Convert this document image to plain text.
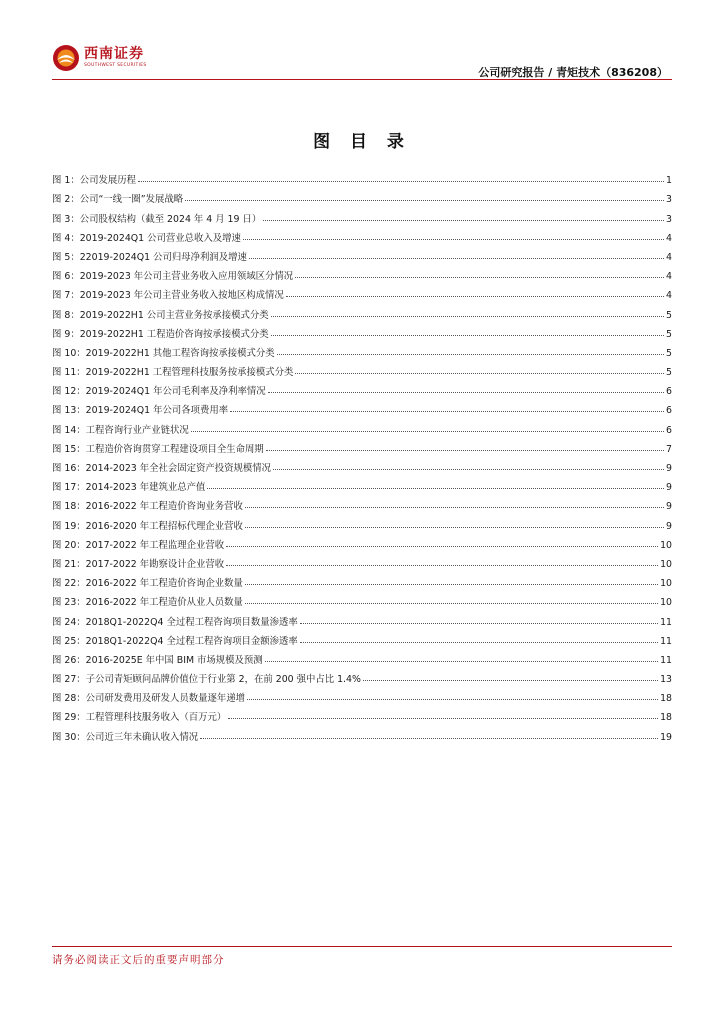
西南证券
SOUTHWEST SECURITIES
公司研究报告 / 青矩技术（836208）
图 目 录
图 1： 公司发展历程	1
图 2： 公司“一线一圈”发展战略	3
图 3： 公司股权结构（截至 2024 年 4 月 19 日）	3
图 4： 2019-2024Q1 公司营业总收入及增速	4
图 5： 22019-2024Q1 公司归母净利润及增速	4
图 6： 2019-2023 年公司主营业务收入应用领域区分情况	4
图 7： 2019-2023 年公司主营业务收入按地区构成情况	4
图 8： 2019-2022H1 公司主营业务按承接模式分类	5
图 9： 2019-2022H1 工程造价咨询按承接模式分类	5
图 10： 2019-2022H1 其他工程咨询按承接模式分类	5
图 11： 2019-2022H1 工程管理科技服务按承接模式分类	5
图 12： 2019-2024Q1 年公司毛利率及净利率情况	6
图 13： 2019-2024Q1 年公司各项费用率	6
图 14： 工程咨询行业产业链状况	6
图 15： 工程造价咨询贯穿工程建设项目全生命周期	7
图 16： 2014-2023 年全社会固定资产投资规模情况	9
图 17： 2014-2023 年建筑业总产值	9
图 18： 2016-2022 年工程造价咨询业务营收	9
图 19： 2016-2020 年工程招标代理企业营收	9
图 20： 2017-2022 年工程监理企业营收	10
图 21： 2017-2022 年勘察设计企业营收	10
图 22： 2016-2022 年工程造价咨询企业数量	10
图 23： 2016-2022 年工程造价从业人员数量	10
图 24： 2018Q1-2022Q4 全过程工程咨询项目数量渗透率	11
图 25： 2018Q1-2022Q4 全过程工程咨询项目金额渗透率	11
图 26： 2016-2025E 年中国 BIM 市场规模及预测	11
图 27： 子公司青矩顾问品牌价值位于行业第 2，在前 200 强中占比 1.4%	13
图 28： 公司研发费用及研发人员数量逐年递增	18
图 29： 工程管理科技服务收入（百万元）	18
图 30： 公司近三年未确认收入情况	19
请务必阅读正文后的重要声明部分
